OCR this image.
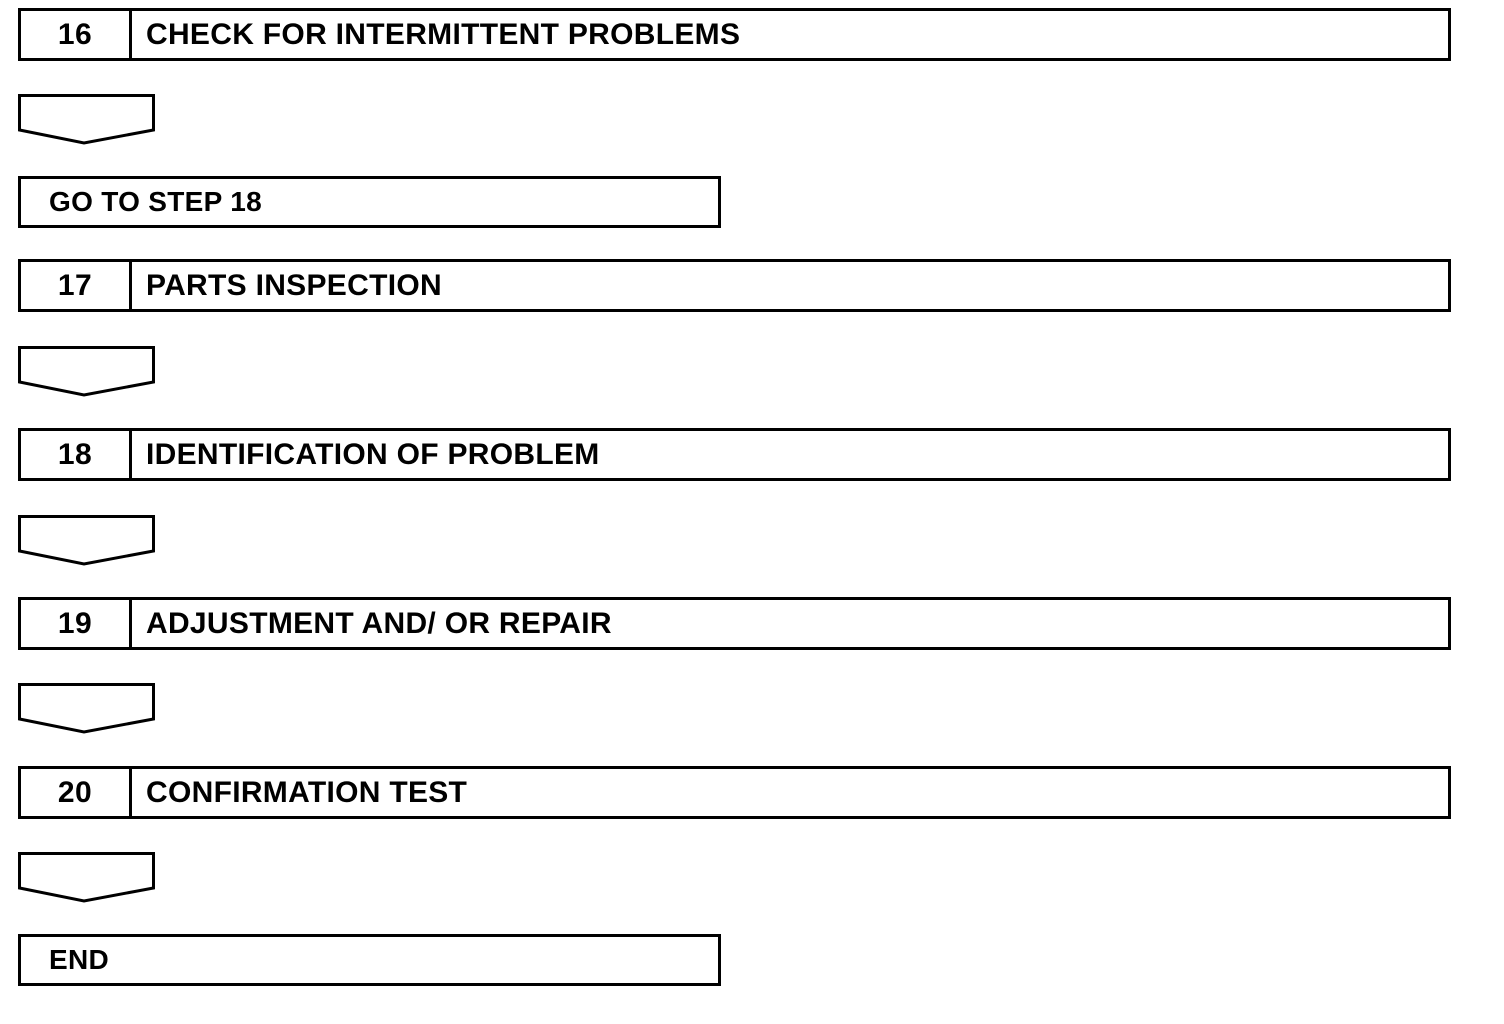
16	CHECK FOR INTERMITTENT PROBLEMS
GO TO STEP 18
17	PARTS INSPECTION
18	IDENTIFICATION OF PROBLEM
19	ADJUSTMENT AND/ OR REPAIR
20	CONFIRMATION TEST
END
